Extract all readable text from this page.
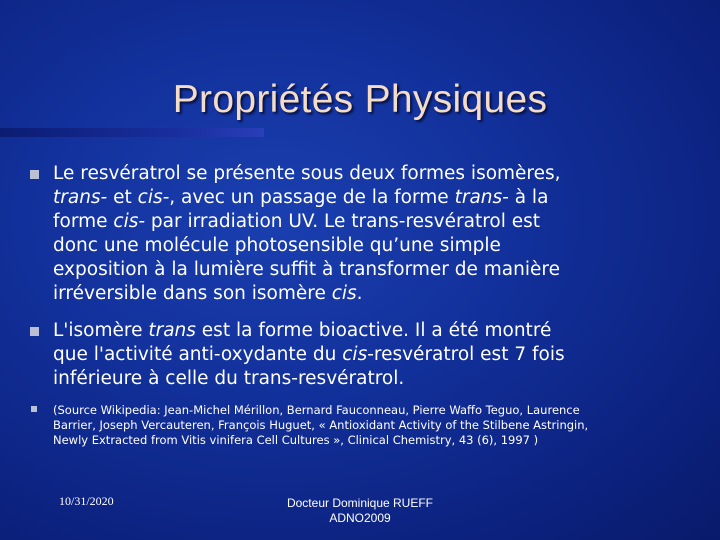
Propriétés Physiques
Le resvératrol se présente sous deux formes isomères,
trans- et cis-, avec un passage de la forme trans- à la
forme cis- par irradiation UV. Le trans-resvératrol est
donc une molécule photosensible qu’une simple
exposition à la lumière suffit à transformer de manière
irréversible dans son isomère cis.
L'isomère trans est la forme bioactive. Il a été montré
que l'activité anti-oxydante du cis-resvératrol est 7 fois
inférieure à celle du trans-resvératrol.
(Source Wikipedia: Jean-Michel Mérillon, Bernard Fauconneau, Pierre Waffo Teguo, Laurence
Barrier, Joseph Vercauteren, François Huguet, « Antioxidant Activity of the Stilbene Astringin,
Newly Extracted from Vitis vinifera Cell Cultures », Clinical Chemistry, 43 (6), 1997 )
10/31/2020	Docteur Dominique RUEFF
ADNO2009
